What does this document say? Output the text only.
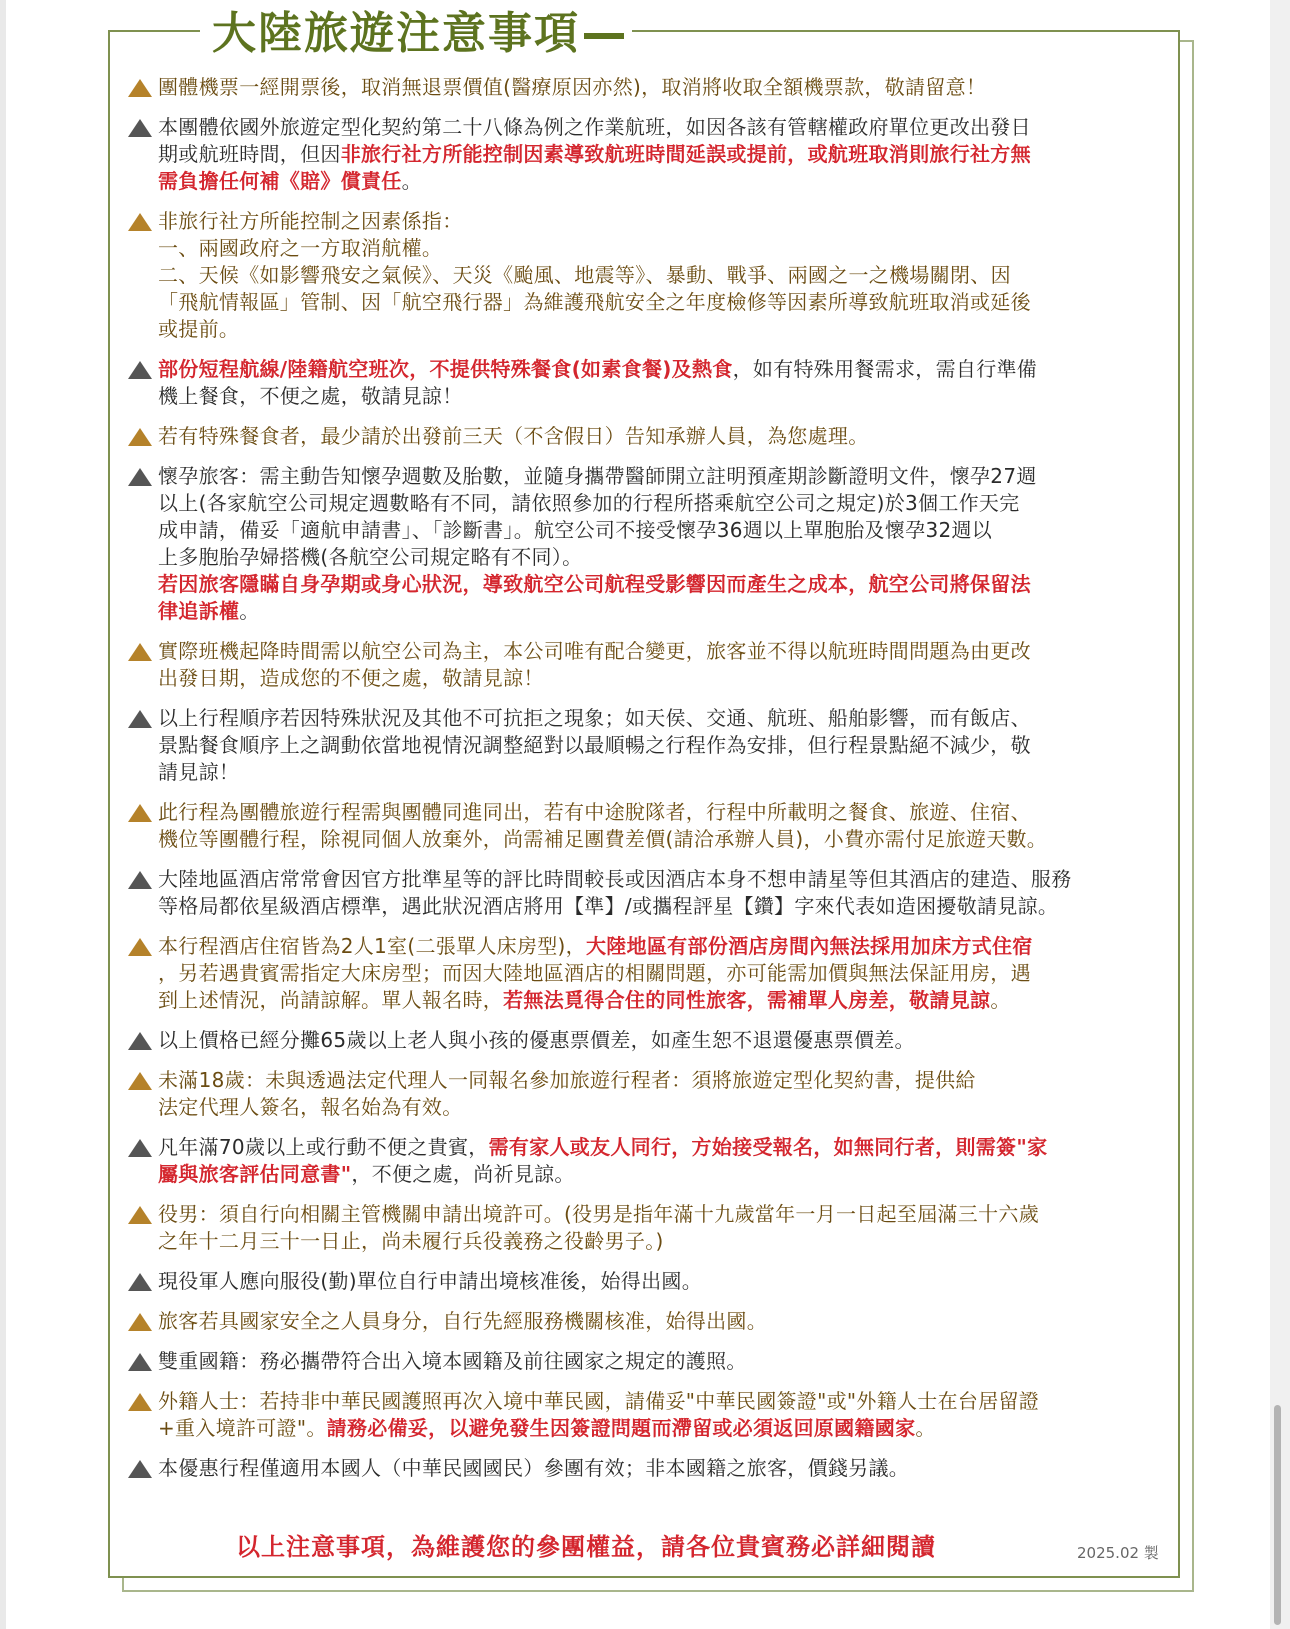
大陸旅遊注意事項
團體機票一經開票後，取消無退票價值(醫療原因亦然)，取消將收取全額機票款，敬請留意！
本團體依國外旅遊定型化契約第二十八條為例之作業航班，如因各該有管轄權政府單位更改出發日
期或航班時間，但因非旅行社方所能控制因素導致航班時間延誤或提前，或航班取消則旅行社方無
需負擔任何補《賠》償責任。
非旅行社方所能控制之因素係指：
一、兩國政府之一方取消航權。
二、天候《如影響飛安之氣候》、天災《颱風、地震等》、暴動、戰爭、兩國之一之機場關閉、因
「飛航情報區」管制、因「航空飛行器」為維護飛航安全之年度檢修等因素所導致航班取消或延後
或提前。
部份短程航線/陸籍航空班次，不提供特殊餐食(如素食餐)及熱食，如有特殊用餐需求，需自行準備
機上餐食，不便之處，敬請見諒！
若有特殊餐食者，最少請於出發前三天（不含假日）告知承辦人員，為您處理。
懷孕旅客：需主動告知懷孕週數及胎數，並隨身攜帶醫師開立註明預產期診斷證明文件，懷孕27週
以上(各家航空公司規定週數略有不同，請依照參加的行程所搭乘航空公司之規定)於3個工作天完
成申請，備妥「適航申請書」、「診斷書」。航空公司不接受懷孕36週以上單胞胎及懷孕32週以
上多胞胎孕婦搭機(各航空公司規定略有不同）。
若因旅客隱瞞自身孕期或身心狀況，導致航空公司航程受影響因而產生之成本，航空公司將保留法
律追訴權。
實際班機起降時間需以航空公司為主，本公司唯有配合變更，旅客並不得以航班時間問題為由更改
出發日期，造成您的不便之處，敬請見諒！
以上行程順序若因特殊狀況及其他不可抗拒之現象；如天侯、交通、航班、船舶影響，而有飯店、
景點餐食順序上之調動依當地視情況調整絕對以最順暢之行程作為安排，但行程景點絕不減少，敬
請見諒！
此行程為團體旅遊行程需與團體同進同出，若有中途脫隊者，行程中所載明之餐食、旅遊、住宿、
機位等團體行程，除視同個人放棄外，尚需補足團費差價(請洽承辦人員)，小費亦需付足旅遊天數。
大陸地區酒店常常會因官方批準星等的評比時間較長或因酒店本身不想申請星等但其酒店的建造、服務
等格局都依星級酒店標準，遇此狀況酒店將用【準】/或攜程評星【鑽】字來代表如造困擾敬請見諒。
本行程酒店住宿皆為2人1室(二張單人床房型)，大陸地區有部份酒店房間內無法採用加床方式住宿
，另若遇貴賓需指定大床房型；而因大陸地區酒店的相關問題，亦可能需加價與無法保証用房，遇
到上述情況，尚請諒解。單人報名時，若無法覓得合住的同性旅客，需補單人房差，敬請見諒。
以上價格已經分攤65歲以上老人與小孩的優惠票價差，如產生恕不退還優惠票價差。
未滿18歲：未與透過法定代理人一同報名參加旅遊行程者：須將旅遊定型化契約書，提供給
法定代理人簽名，報名始為有效。
凡年滿70歲以上或行動不便之貴賓，需有家人或友人同行，方始接受報名，如無同行者，則需簽"家
屬與旅客評估同意書"，不便之處，尚祈見諒。
役男：須自行向相關主管機關申請出境許可。(役男是指年滿十九歲當年一月一日起至屆滿三十六歲
之年十二月三十一日止，尚未履行兵役義務之役齡男子。)
現役軍人應向服役(勤)單位自行申請出境核准後，始得出國。
旅客若具國家安全之人員身分，自行先經服務機關核准，始得出國。
雙重國籍：務必攜帶符合出入境本國籍及前往國家之規定的護照。
外籍人士：若持非中華民國護照再次入境中華民國，請備妥"中華民國簽證"或"外籍人士在台居留證
+重入境許可證"。請務必備妥，以避免發生因簽證問題而滯留或必須返回原國籍國家。
本優惠行程僅適用本國人（中華民國國民）參團有效；非本國籍之旅客，價錢另議。
以上注意事項，為維護您的參團權益，請各位貴賓務必詳細閱讀	2025.02 製
